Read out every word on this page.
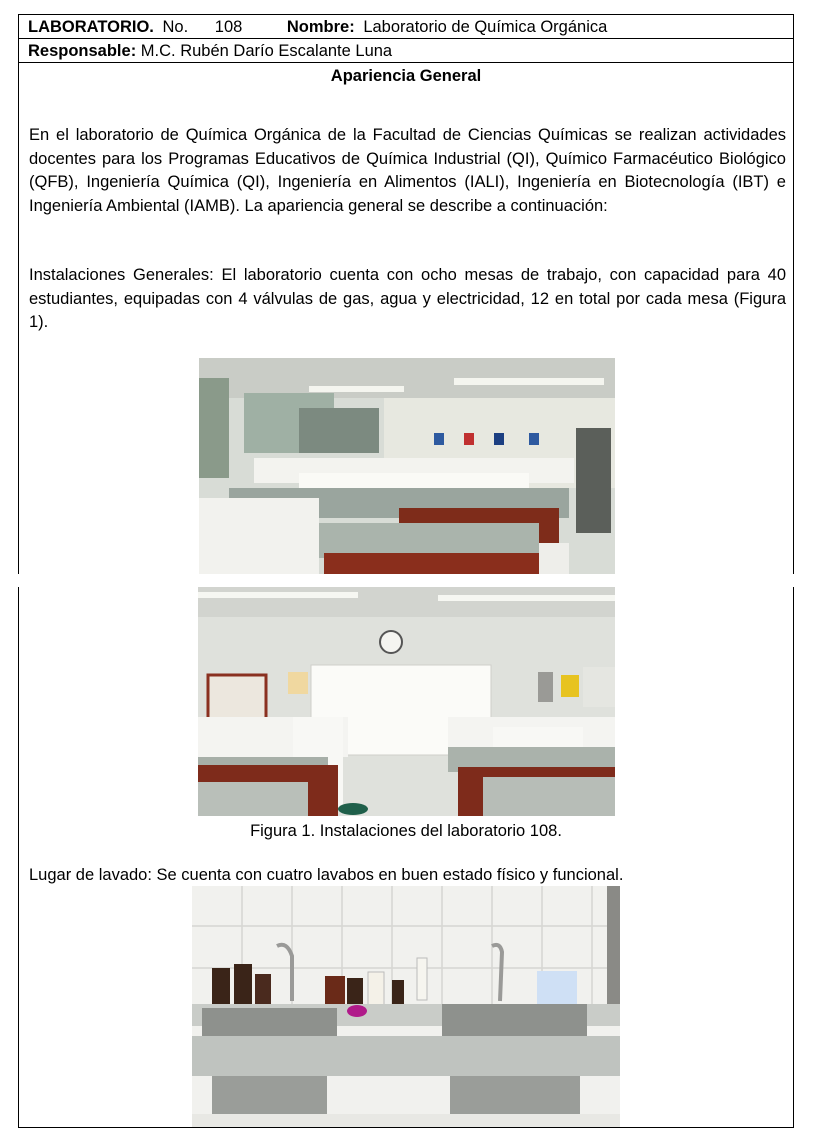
LABORATORIO. No. 108	Nombre: Laboratorio de Química Orgánica
Responsable: M.C. Rubén Darío Escalante Luna
Apariencia General
En el laboratorio de Química Orgánica de la Facultad de Ciencias Químicas se realizan actividades docentes para los Programas Educativos de Química Industrial (QI), Químico Farmacéutico Biológico (QFB), Ingeniería Química (QI), Ingeniería en Alimentos (IALI), Ingeniería en Biotecnología (IBT) e Ingeniería Ambiental (IAMB). La apariencia general se describe a continuación:
Instalaciones Generales: El laboratorio cuenta con ocho mesas de trabajo, con capacidad para 40 estudiantes, equipadas con 4 válvulas de gas, agua y electricidad, 12 en total por cada mesa (Figura 1).
Figura 1. Instalaciones del laboratorio 108.
Lugar de lavado: Se cuenta con cuatro lavabos en buen estado físico y funcional.
